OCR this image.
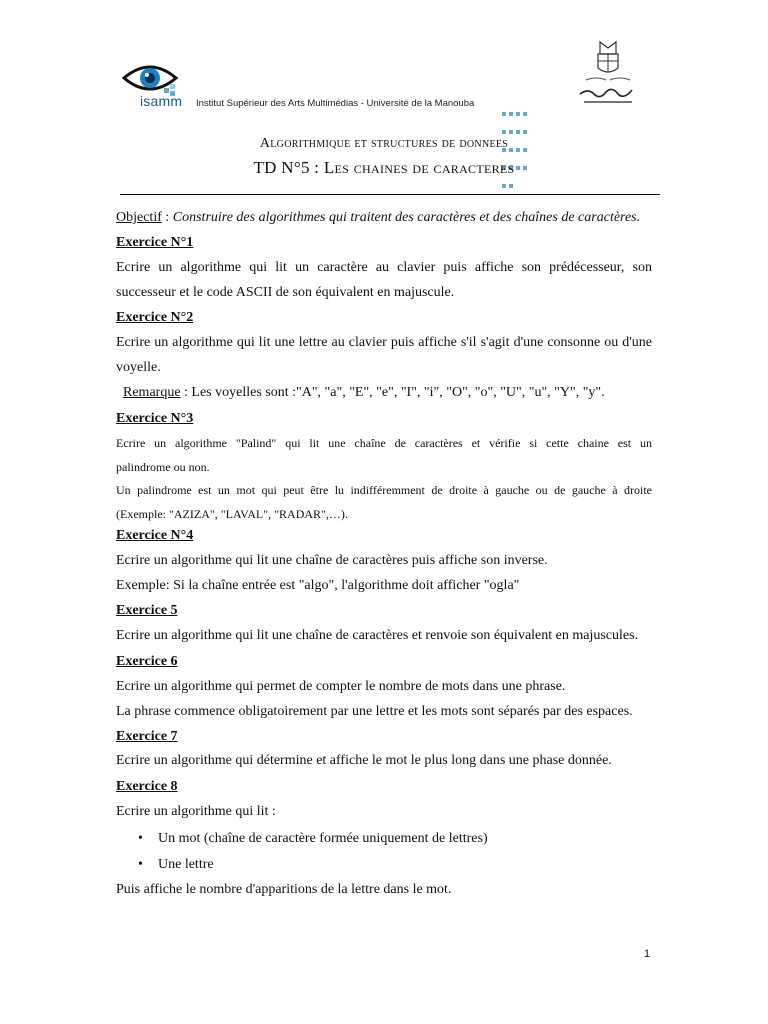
isamm Institut Supérieur des Arts Multimédias - Université de la Manouba
Algorithmique et structures de donnees
TD N°5 : Les chaines de caracteres
Objectif : Construire des algorithmes qui traitent des caractères et des chaînes de caractères.
Exercice N°1
Ecrire un algorithme qui lit un caractère au clavier puis affiche son prédécesseur, son
successeur et le code ASCII de son équivalent en majuscule.
Exercice N°2
Ecrire un algorithme qui lit une lettre au clavier puis affiche s'il s'agit d'une consonne ou d'une
voyelle.
Remarque : Les voyelles sont :"A", "a", "E", "e", "I", "i", "O", "o", "U", "u", "Y", "y".
Exercice N°3
Ecrire un algorithme "Palind" qui lit une chaîne de caractères et vérifie si cette chaine est un
palindrome ou non.
Un palindrome est un mot qui peut être lu indifféremment de droite à gauche ou de gauche à droite
(Exemple: "AZIZA", "LAVAL", "RADAR",…).
Exercice N°4
Ecrire un algorithme qui lit une chaîne de caractères puis affiche son inverse.
Exemple: Si la chaîne entrée est "algo", l'algorithme doit afficher "ogla"
Exercice 5
Ecrire un algorithme qui lit une chaîne de caractères et renvoie son équivalent en majuscules.
Exercice 6
Ecrire un algorithme qui permet de compter le nombre de mots dans une phrase.
La phrase commence obligatoirement par une lettre et les mots sont séparés par des espaces.
Exercice 7
Ecrire un algorithme qui détermine et affiche le mot le plus long dans une phase donnée.
Exercice 8
Ecrire un algorithme qui lit :
• Un mot (chaîne de caractère formée uniquement de lettres)
• Une lettre
Puis affiche le nombre d'apparitions de la lettre dans le mot.
1
